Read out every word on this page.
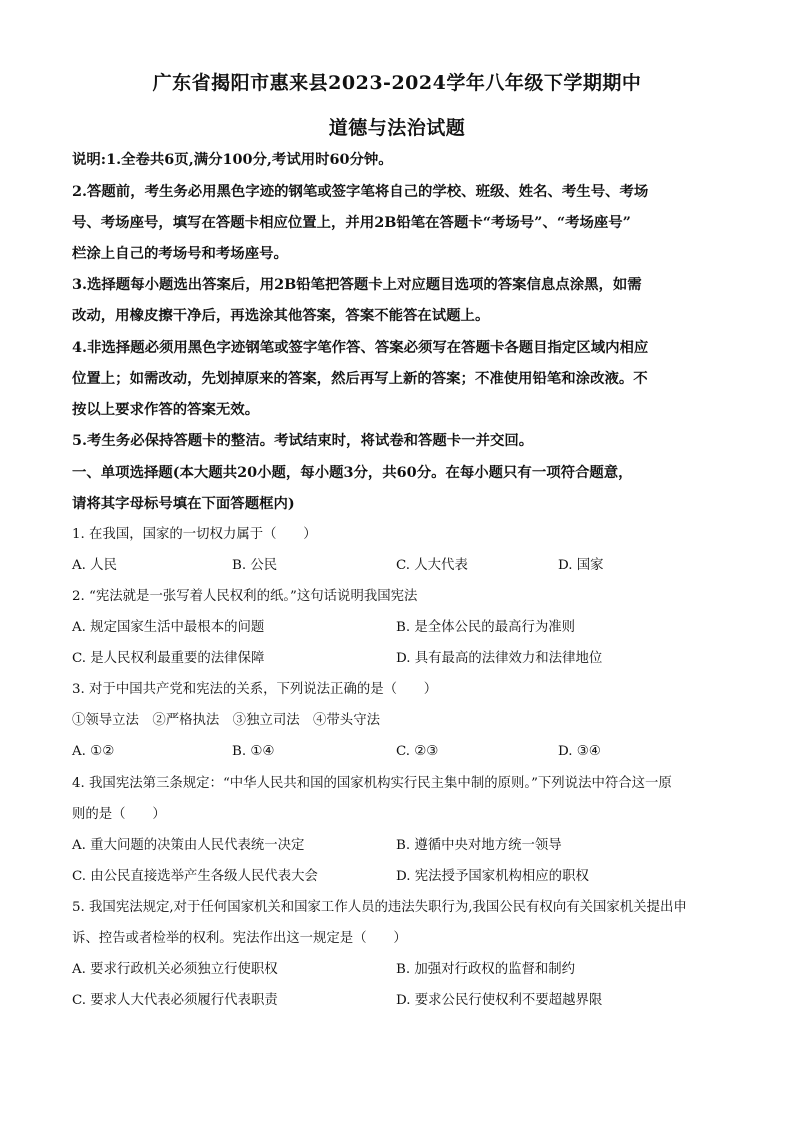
广东省揭阳市惠来县2023-2024学年八年级下学期期中
道德与法治试题
说明:1.全卷共6页,满分100分,考试用时60分钟。
2.答题前，考生务必用黑色字迹的钢笔或签字笔将自己的学校、班级、姓名、考生号、考场
号、考场座号，填写在答题卡相应位置上，并用2B铅笔在答题卡“考场号”、“考场座号”
栏涂上自己的考场号和考场座号。
3.选择题每小题选出答案后，用2B铅笔把答题卡上对应题目选项的答案信息点涂黑，如需
改动，用橡皮擦干净后，再选涂其他答案，答案不能答在试题上。
4.非选择题必须用黑色字迹钢笔或签字笔作答、答案必须写在答题卡各题目指定区域内相应
位置上；如需改动，先划掉原来的答案，然后再写上新的答案；不准使用铅笔和涂改液。不
按以上要求作答的答案无效。
5.考生务必保持答题卡的整洁。考试结束时，将试卷和答题卡一并交回。
一、单项选择题(本大题共20小题，每小题3分，共60分。在每小题只有一项符合题意，
请将其字母标号填在下面答题框内)
1. 在我国，国家的一切权力属于（　　）
A. 人民	B. 公民	C. 人大代表	D. 国家
2. “宪法就是一张写着人民权利的纸。”这句话说明我国宪法
A. 规定国家生活中最根本的问题	B. 是全体公民的最高行为准则
C. 是人民权利最重要的法律保障	D. 具有最高的法律效力和法律地位
3. 对于中国共产党和宪法的关系，下列说法正确的是（　　）
①领导立法　②严格执法　③独立司法　④带头守法
A. ①②	B. ①④	C. ②③	D. ③④
4. 我国宪法第三条规定：“中华人民共和国的国家机构实行民主集中制的原则。”下列说法中符合这一原
则的是（　　）
A. 重大问题的决策由人民代表统一决定	B. 遵循中央对地方统一领导
C. 由公民直接选举产生各级人民代表大会	D. 宪法授予国家机构相应的职权
5. 我国宪法规定,对于任何国家机关和国家工作人员的违法失职行为,我国公民有权向有关国家机关提出申
诉、控告或者检举的权利。宪法作出这一规定是（　　）
A. 要求行政机关必须独立行使职权	B. 加强对行政权的监督和制约
C. 要求人大代表必须履行代表职责	D. 要求公民行使权利不要超越界限
